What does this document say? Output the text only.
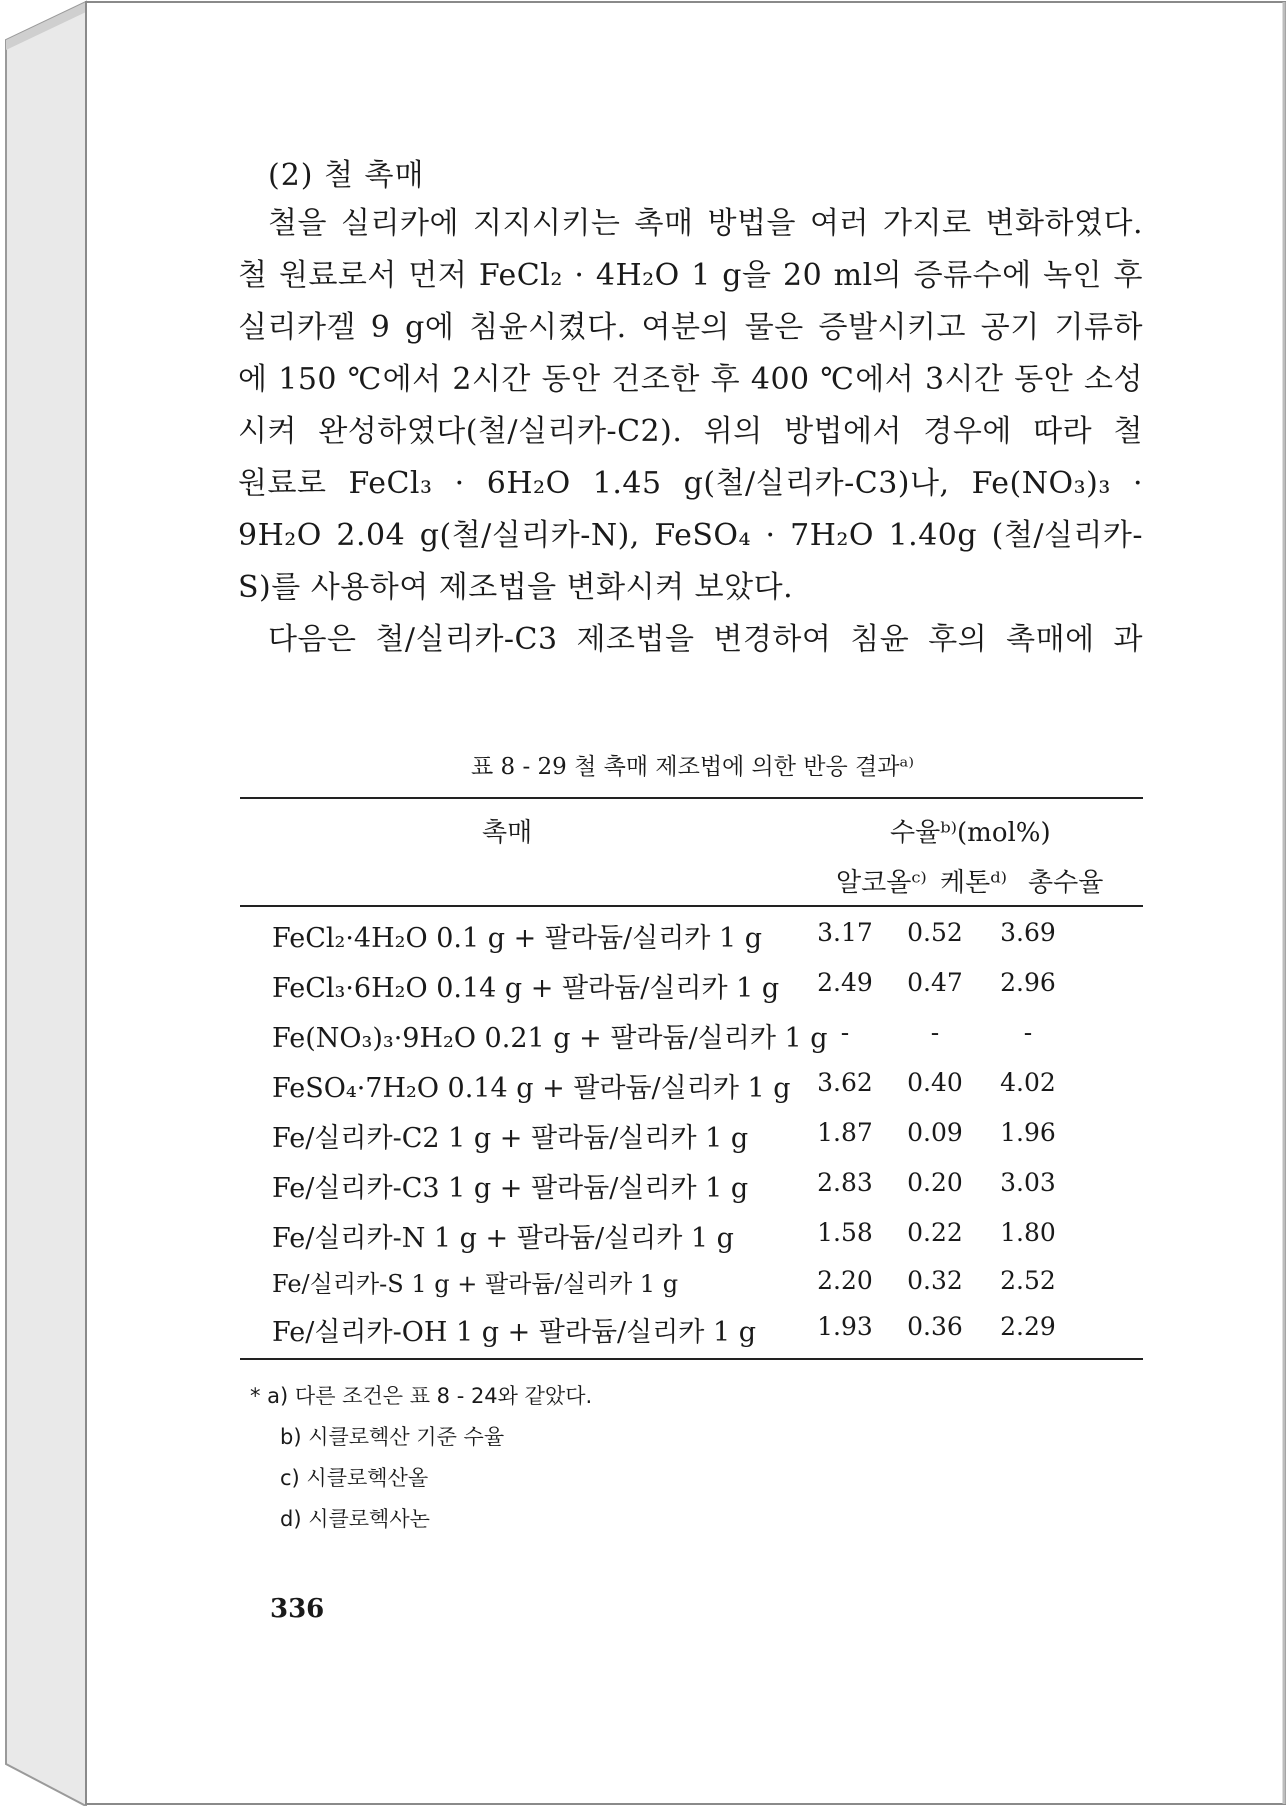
(2) 철 촉매
철을 실리카에 지지시키는 촉매 방법을 여러 가지로 변화하였다.
철 원료로서 먼저 FeCl₂ · 4H₂O 1 g을 20 ml의 증류수에 녹인 후
실리카겔 9 g에 침윤시켰다. 여분의 물은 증발시키고 공기 기류하
에 150 ℃에서 2시간 동안 건조한 후 400 ℃에서 3시간 동안 소성
시켜 완성하였다(철/실리카-C2). 위의 방법에서 경우에 따라 철
원료로 FeCl₃ · 6H₂O 1.45 g(철/실리카-C3)나, Fe(NO₃)₃ ·
9H₂O 2.04 g(철/실리카-N), FeSO₄ · 7H₂O 1.40g (철/실리카-
S)를 사용하여 제조법을 변화시켜 보았다.
다음은 철/실리카-C3 제조법을 변경하여 침윤 후의 촉매에 과
표 8 - 29 철 촉매 제조법에 의한 반응 결과ᵃ⁾
촉매	수율ᵇ⁾(mol%)
알코올ᶜ⁾ 케톤ᵈ⁾ 총수율
FeCl₂·4H₂O 0.1 g + 팔라듐/실리카 1 g	3.17	0.52	3.69
FeCl₃·6H₂O 0.14 g + 팔라듐/실리카 1 g	2.49	0.47	2.96
Fe(NO₃)₃·9H₂O 0.21 g + 팔라듐/실리카 1 g -	-	-
FeSO₄·7H₂O 0.14 g + 팔라듐/실리카 1 g	3.62	0.40	4.02
Fe/실리카-C2 1 g + 팔라듐/실리카 1 g	1.87	0.09	1.96
Fe/실리카-C3 1 g + 팔라듐/실리카 1 g	2.83	0.20	3.03
Fe/실리카-N 1 g + 팔라듐/실리카 1 g	1.58	0.22	1.80
Fe/실리카-S 1 g + 팔라듐/실리카 1 g	2.20	0.32	2.52
Fe/실리카-OH 1 g + 팔라듐/실리카 1 g	1.93	0.36	2.29
* a) 다른 조건은 표 8 - 24와 같았다.
b) 시클로헥산 기준 수율
c) 시클로헥산올
d) 시클로헥사논
336
